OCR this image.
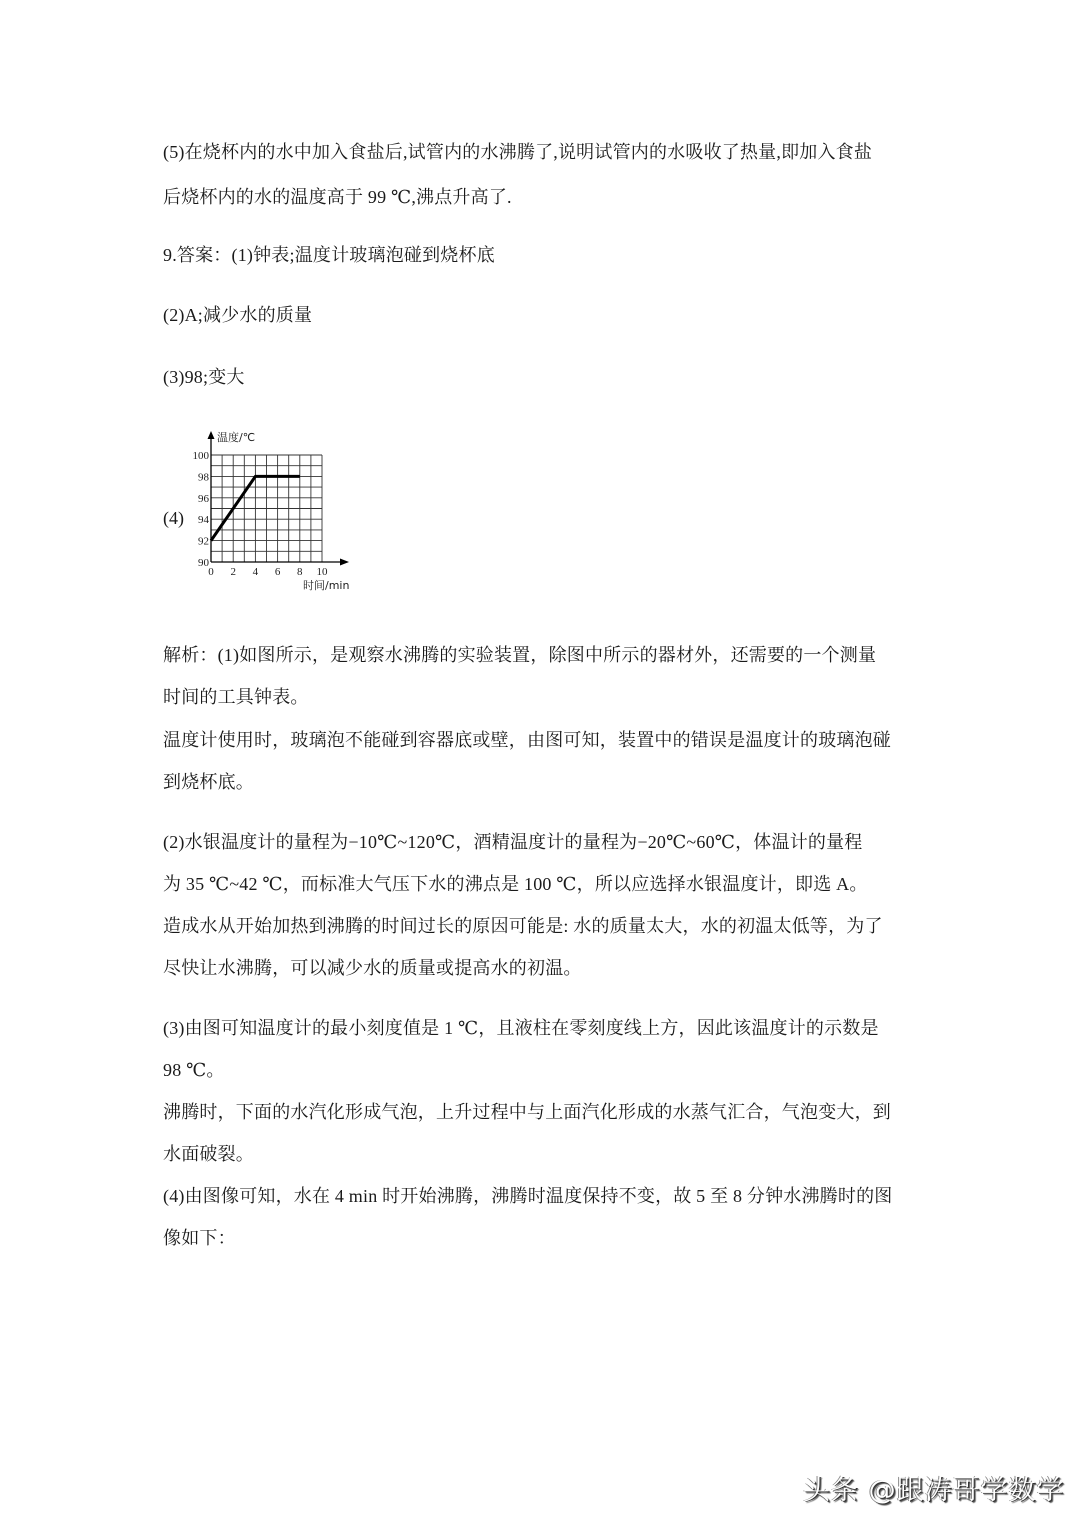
(5)在烧杯内的水中加入食盐后,试管内的水沸腾了,说明试管内的水吸收了热量,即加入食盐
后烧杯内的水的温度高于 99 ℃,沸点升高了.
9.答案：(1)钟表;温度计玻璃泡碰到烧杯底
(2)A;减少水的质量
(3)98;变大
解析：(1)如图所示，是观察水沸腾的实验装置，除图中所示的器材外，还需要的一个测量
时间的工具钟表。
温度计使用时，玻璃泡不能碰到容器底或壁，由图可知，装置中的错误是温度计的玻璃泡碰
到烧杯底。
(2)水银温度计的量程为−10℃~120℃，酒精温度计的量程为−20℃~60℃，体温计的量程
为 35 ℃~42 ℃，而标准大气压下水的沸点是 100 ℃，所以应选择水银温度计，即选 A。
造成水从开始加热到沸腾的时间过长的原因可能是: 水的质量太大，水的初温太低等，为了
尽快让水沸腾，可以减少水的质量或提高水的初温。
(3)由图可知温度计的最小刻度值是 1 ℃，且液柱在零刻度线上方，因此该温度计的示数是
98 ℃。
沸腾时，下面的水汽化形成气泡，上升过程中与上面汽化形成的水蒸气汇合，气泡变大，到
水面破裂。
(4)由图像可知，水在 4 min 时开始沸腾，沸腾时温度保持不变，故 5 至 8 分钟水沸腾时的图
像如下：
(4)
90
92
94
96
98
100
0 2 4 6 8 10
温度/℃
时间/min
头条 @跟涛哥学数学
